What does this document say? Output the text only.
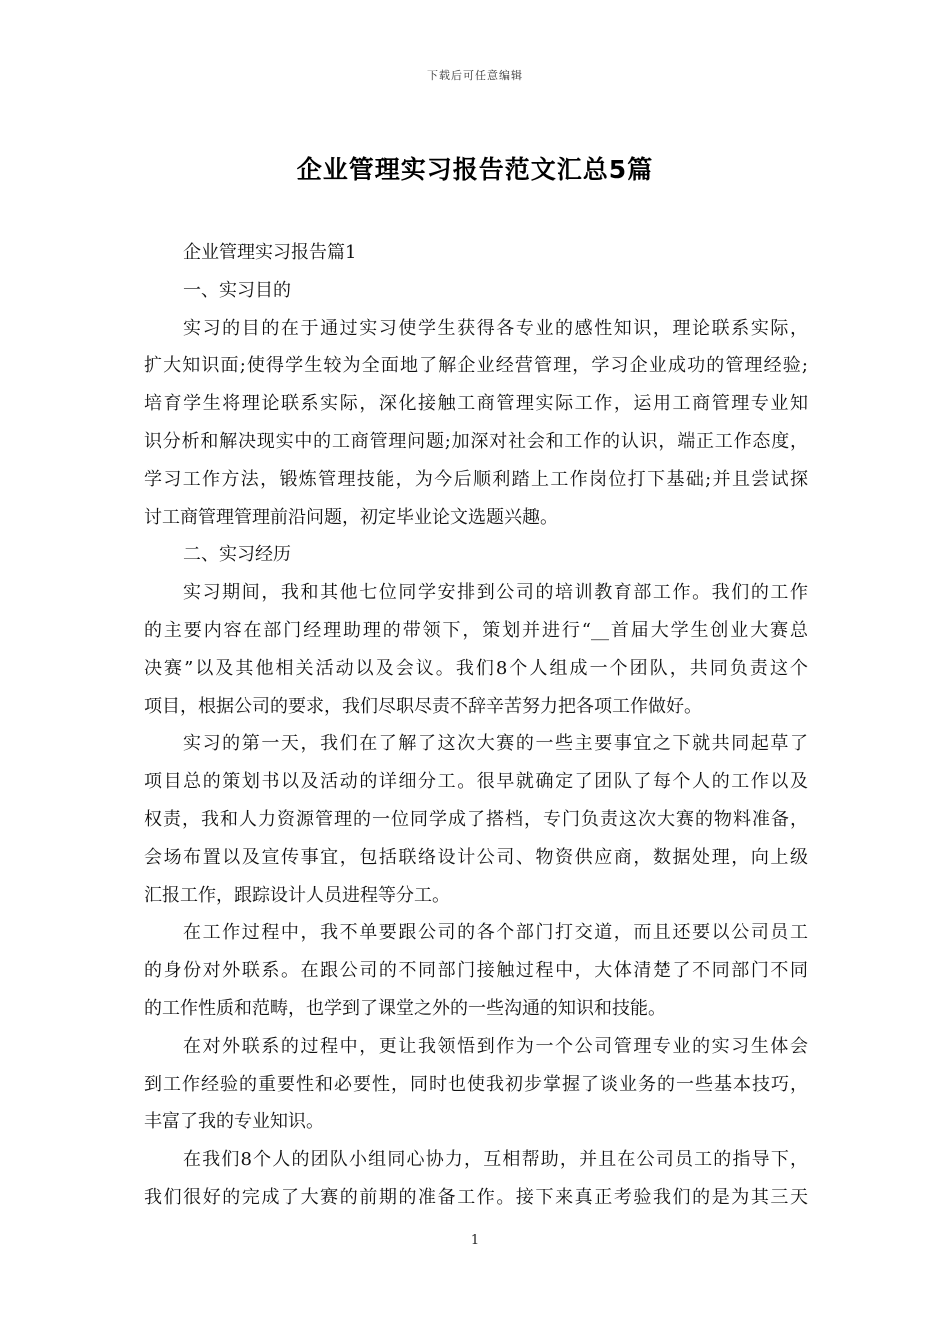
下载后可任意编辑
企业管理实习报告范文汇总5篇
企业管理实习报告篇1
一、实习目的
实习的目的在于通过实习使学生获得各专业的感性知识，理论联系实际，
扩大知识面;使得学生较为全面地了解企业经营管理，学习企业成功的管理经验;
培育学生将理论联系实际，深化接触工商管理实际工作，运用工商管理专业知
识分析和解决现实中的工商管理问题;加深对社会和工作的认识，端正工作态度，
学习工作方法，锻炼管理技能，为今后顺利踏上工作岗位打下基础;并且尝试探
讨工商管理管理前沿问题，初定毕业论文选题兴趣。
二、实习经历
实习期间，我和其他七位同学安排到公司的培训教育部工作。我们的工作
的主要内容在部门经理助理的带领下，策划并进行“__首届大学生创业大赛总
决赛”以及其他相关活动以及会议。我们8个人组成一个团队，共同负责这个
项目，根据公司的要求，我们尽职尽责不辞辛苦努力把各项工作做好。
实习的第一天，我们在了解了这次大赛的一些主要事宜之下就共同起草了
项目总的策划书以及活动的详细分工。很早就确定了团队了每个人的工作以及
权责，我和人力资源管理的一位同学成了搭档，专门负责这次大赛的物料准备，
会场布置以及宣传事宜，包括联络设计公司、物资供应商，数据处理，向上级
汇报工作，跟踪设计人员进程等分工。
在工作过程中，我不单要跟公司的各个部门打交道，而且还要以公司员工
的身份对外联系。在跟公司的不同部门接触过程中，大体清楚了不同部门不同
的工作性质和范畴，也学到了课堂之外的一些沟通的知识和技能。
在对外联系的过程中，更让我领悟到作为一个公司管理专业的实习生体会
到工作经验的重要性和必要性，同时也使我初步掌握了谈业务的一些基本技巧，
丰富了我的专业知识。
在我们8个人的团队小组同心协力，互相帮助，并且在公司员工的指导下，
我们很好的完成了大赛的前期的准备工作。接下来真正考验我们的是为其三天
1
